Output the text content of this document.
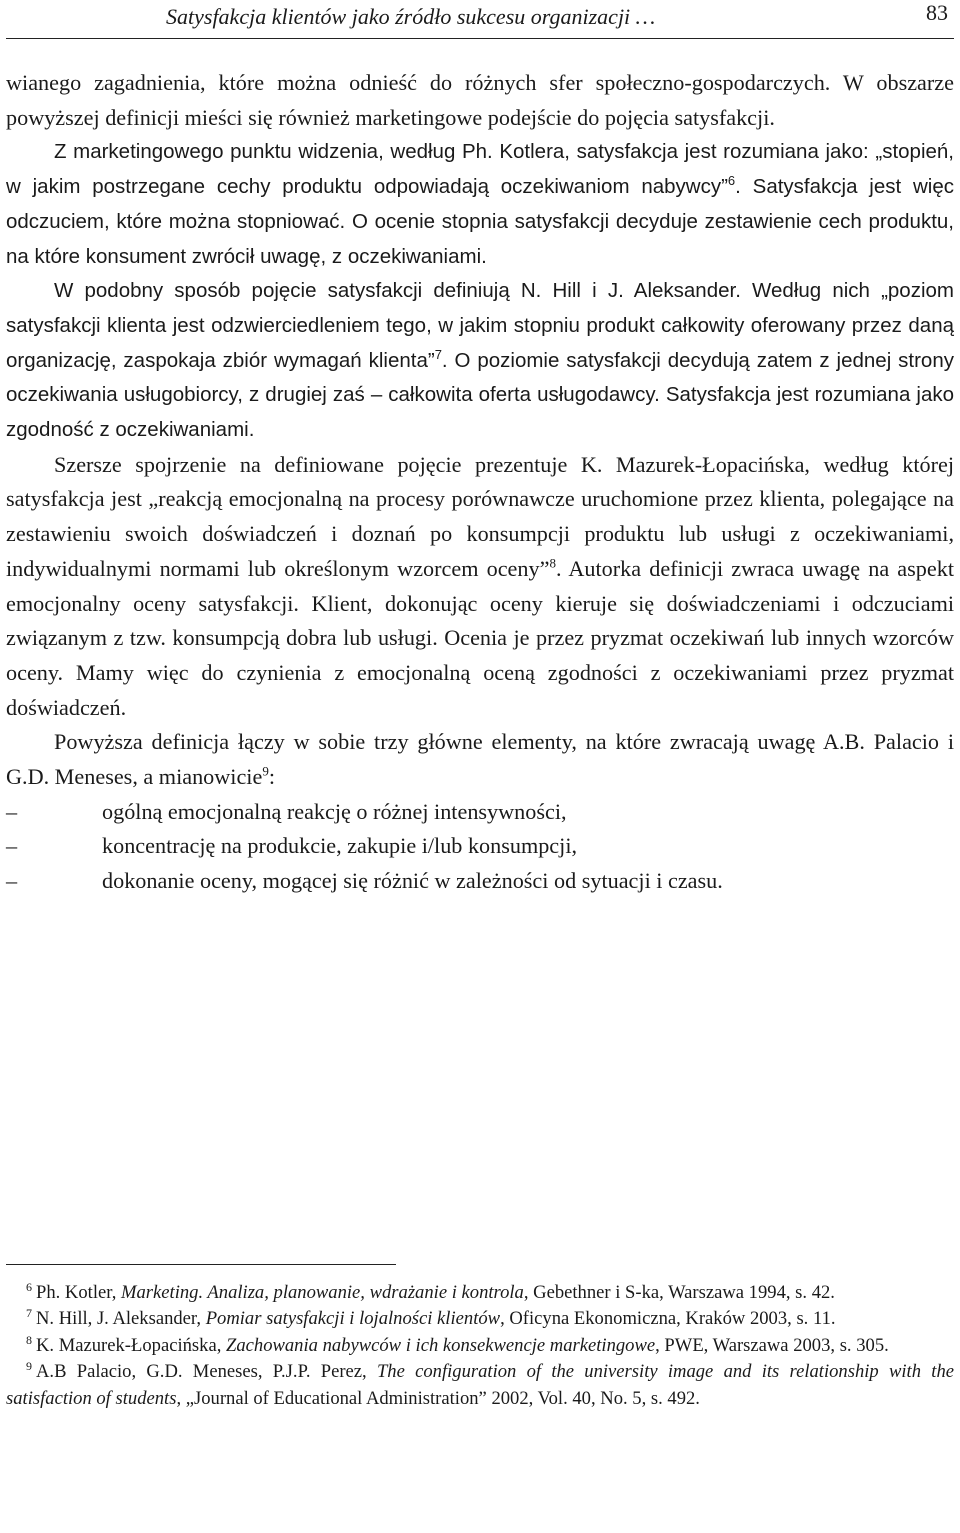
Satysfakcja klientów jako źródło sukcesu organizacji …	83

wianego zagadnienia, które można odnieść do różnych sfer społeczno-gospodarczych. W obszarze powyższej definicji mieści się również marketingowe podejście do pojęcia satysfakcji.

Z marketingowego punktu widzenia, według Ph. Kotlera, satysfakcja jest rozumiana jako: „stopień, w jakim postrzegane cechy produktu odpowiadają oczekiwaniom nabywcy”$^6$. Satysfakcja jest więc odczuciem, które można stopniować. O ocenie stopnia satysfakcji decyduje zestawienie cech produktu, na które konsument zwrócił uwagę, z oczekiwaniami.

W podobny sposób pojęcie satysfakcji definiują N. Hill i J. Aleksander. Według nich „poziom satysfakcji klienta jest odzwierciedleniem tego, w jakim stopniu produkt całkowity oferowany przez daną organizację, zaspokaja zbiór wymagań klienta”$^7$. O poziomie satysfakcji decydują zatem z jednej strony oczekiwania usługobiorcy, z drugiej zaś – całkowita oferta usługodawcy. Satysfakcja jest rozumiana jako zgodność z oczekiwaniami.

Szersze spojrzenie na definiowane pojęcie prezentuje K. Mazurek-Łopacińska, według której satysfakcja jest „reakcją emocjonalną na procesy porównawcze uruchomione przez klienta, polegające na zestawieniu swoich doświadczeń i doznań po konsumpcji produktu lub usługi z oczekiwaniami, indywidualnymi normami lub określonym wzorcem oceny”$^8$. Autorka definicji zwraca uwagę na aspekt emocjonalny oceny satysfakcji. Klient, dokonując oceny kieruje się doświadczeniami i odczuciami związanym z tzw. konsumpcją dobra lub usługi. Ocenia je przez pryzmat oczekiwań lub innych wzorców oceny. Mamy więc do czynienia z emocjonalną oceną zgodności z oczekiwaniami przez pryzmat doświadczeń.

Powyższa definicja łączy w sobie trzy główne elementy, na które zwracają uwagę A.B. Palacio i G.D. Meneses, a mianowicie$^9$:

–	ogólną emocjonalną reakcję o różnej intensywności,
–	koncentrację na produkcie, zakupie i/lub konsumpcji,
–	dokonanie oceny, mogącej się różnić w zależności od sytuacji i czasu.

$^6$ Ph. Kotler, Marketing. Analiza, planowanie, wdrażanie i kontrola, Gebethner i S-ka, Warszawa 1994, s. 42.

$^7$ N. Hill, J. Aleksander, Pomiar satysfakcji i lojalności klientów, Oficyna Ekonomiczna, Kraków 2003, s. 11.

$^8$ K. Mazurek-Łopacińska, Zachowania nabywców i ich konsekwencje marketingowe, PWE, Warszawa 2003, s. 305.

$^9$ A.B Palacio, G.D. Meneses, P.J.P. Perez, The configuration of the university image and its relationship with the satisfaction of students, „Journal of Educational Administration” 2002, Vol. 40, No. 5, s. 492.
